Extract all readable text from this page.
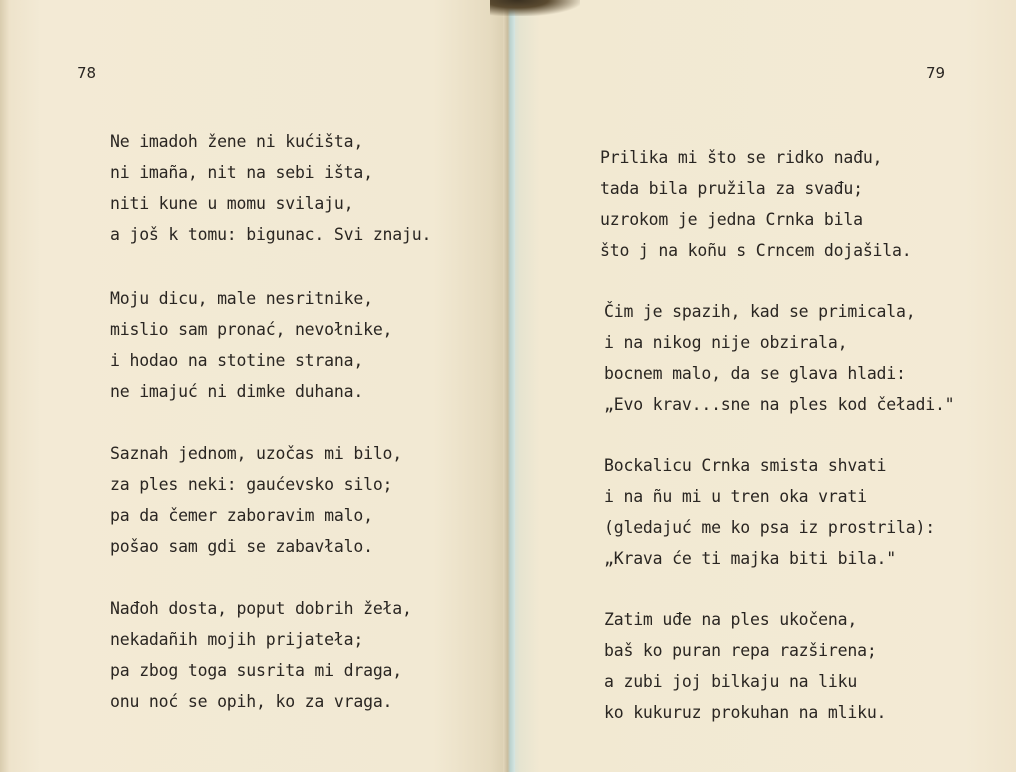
78
Ne imadoh žene ni kućišta,
ni imaña, nit na sebi išta,
niti kune u momu svilaju,
a još k tomu: bigunac. Svi znaju.
Moju dicu, male nesritnike,
mislio sam pronać, nevołnike,
i hodao na stotine strana,
ne imajuć ni dimke duhana.
Saznah jednom, uzočas mi bilo,
za ples neki: gaućevsko silo;
pa da čemer zaboravim malo,
pošao sam gdi se zabavłalo.
Nađoh dosta, poput dobrih žeła,
nekadañih mojih prijateła;
pa zbog toga susrita mi draga,
onu noć se opih, ko za vraga.
79
Prilika mi što se ridko nađu,
tada bila pružila za svađu;
uzrokom je jedna Crnka bila
što j na koñu s Crncem dojašila.
Čim je spazih, kad se primicala,
i na nikog nije obzirala,
bocnem malo, da se glava hladi:
„Evo krav...sne na ples kod čeładi."
Bockalicu Crnka smista shvati
i na ñu mi u tren oka vrati
(gledajuć me ko psa iz prostrila):
„Krava će ti majka biti bila."
Zatim uđe na ples ukočena,
baš ko puran repa razširena;
a zubi joj bilkaju na liku
ko kukuruz prokuhan na mliku.
